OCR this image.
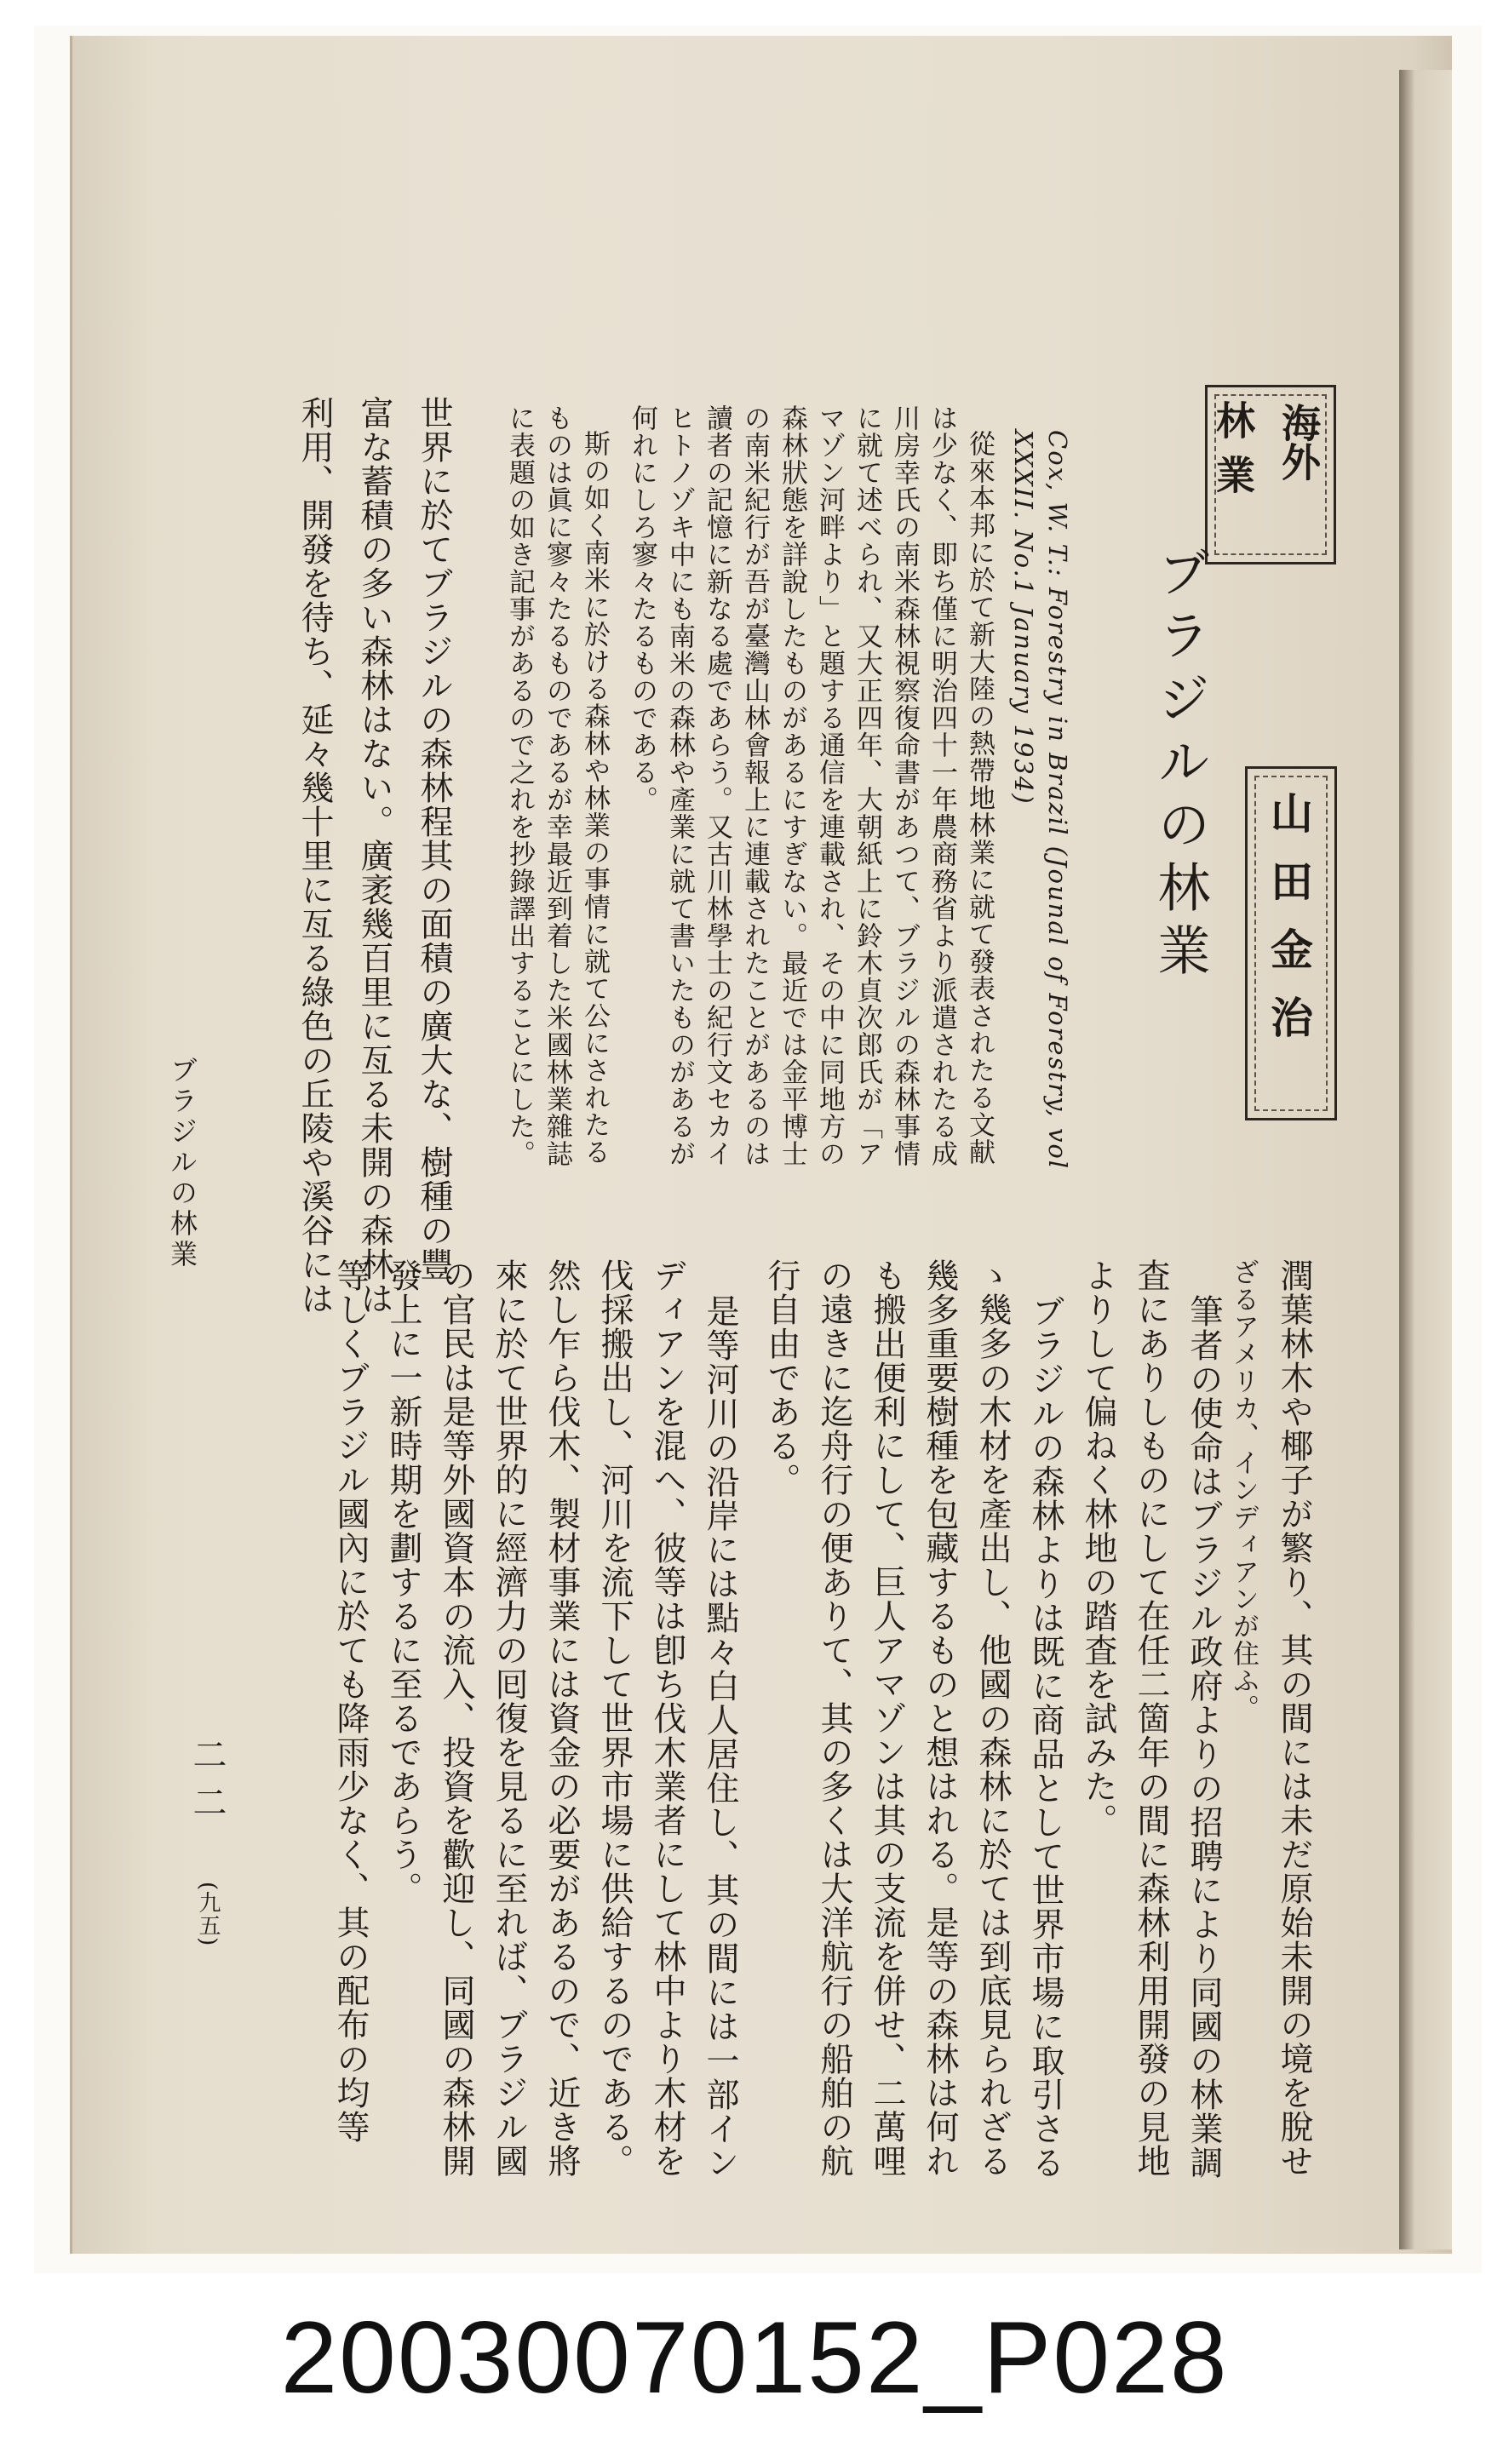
海外
林業
ブラジルの林業	山田金治
Cox, W. T.: Forestry in Brazil (Jounal of Forestry, vol
XXXII. No.1 January 1934)
從來本邦に於て新大陸の熱帶地林業に就て發表されたる文献
は少なく、即ち僅に明治四十一年農商務省より派遣されたる成
川房幸氏の南米森林視察復命書があつて、ブラジルの森林事情
に就て述べられ、又大正四年、大朝紙上に鈴木貞次郎氏が「ア
マゾン河畔より」と題する通信を連載され、その中に同地方の
森林狀態を詳說したものがあるにすぎない。最近では金平博士
の南米紀行が吾が臺灣山林會報上に連載されたことがあるのは
讀者の記憶に新なる處であらう。又古川林學士の紀行文セカイ
ヒトノゾキ中にも南米の森林や產業に就て書いたものがあるが
何れにしろ寥々たるものである。
斯の如く南米に於ける森林や林業の事情に就て公にされたる
ものは眞に寥々たるものであるが幸最近到着した米國林業雜誌
に表題の如き記事があるので之れを抄錄譯出することにした。
世界に於てブラジルの森林程其の面積の廣大な、樹種の豐
富な蓄積の多い森林はない。廣袤幾百里に亙る未開の森林は
利用、開發を待ち、延々幾十里に亙る綠色の丘陵や溪谷には
ブラジルの林業
潤葉林木や椰子が繁り、其の間には未だ原始未開の境を脫せ
ざるアメリカ、インディアンが住ふ。
筆者の使命はブラジル政府よりの招聘により同國の林業調
査にありしものにして在任二箇年の間に森林利用開發の見地
よりして偏ねく林地の踏査を試みた。
ブラジルの森林よりは既に商品として世界市場に取引さる
ゝ幾多の木材を產出し、他國の森林に於ては到底見られざる
幾多重要樹種を包藏するものと想はれる。是等の森林は何れ
も搬出便利にして、巨人アマゾンは其の支流を併せ、二萬哩
の遠きに迄舟行の便ありて、其の多くは大洋航行の船舶の航
行自由である。
是等河川の沿岸には點々白人居住し、其の間には一部イン
ディアンを混へ、彼等は卽ち伐木業者にして林中より木材を
伐採搬出し、河川を流下して世界市場に供給するのである。
然し乍ら伐木、製材事業には資金の必要があるので、近き將
來に於て世界的に經濟力の囘復を見るに至れば、ブラジル國
の官民は是等外國資本の流入、投資を歡迎し、同國の森林開
發上に一新時期を劃するに至るであらう。
等しくブラジル國內に於ても降雨少なく、其の配布の均等
二二
(九五)
20030070152_P028
